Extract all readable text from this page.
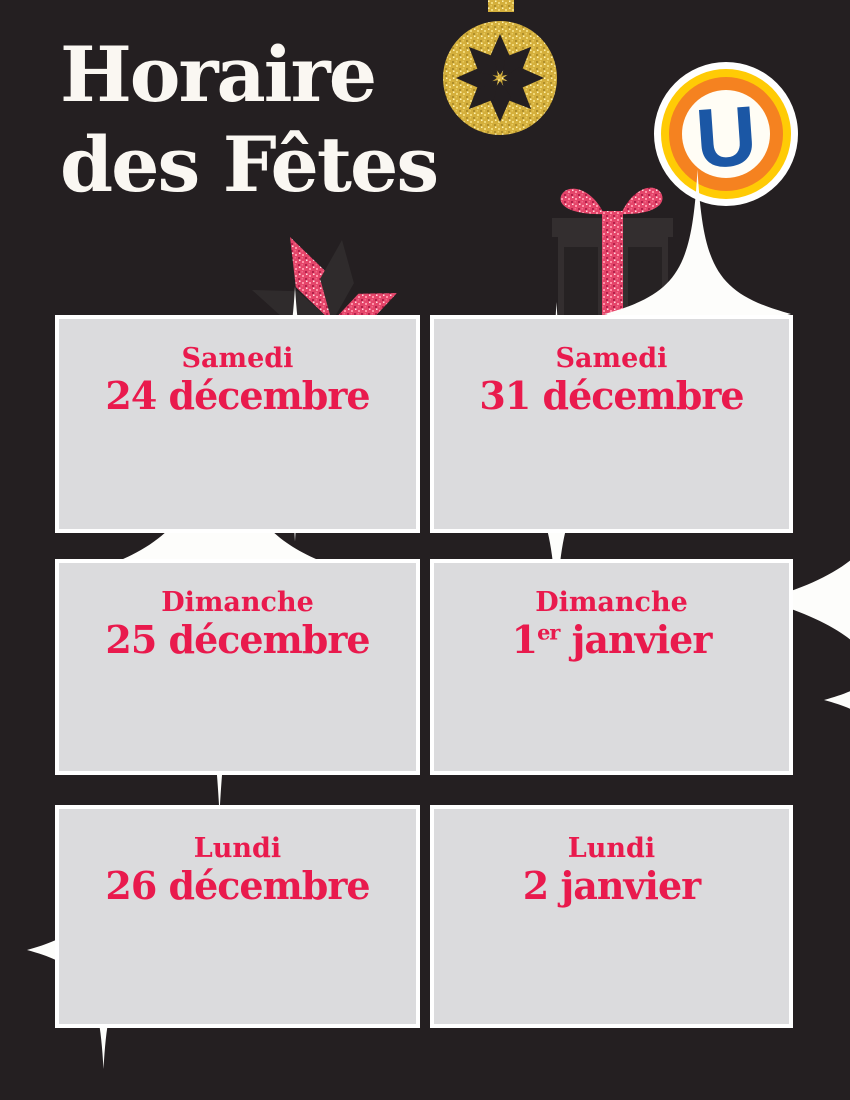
U
Horaire
des Fêtes
Samedi
24 décembre
Samedi
31 décembre
Dimanche
25 décembre
Dimanche
1er janvier
Lundi
26 décembre
Lundi
2 janvier
